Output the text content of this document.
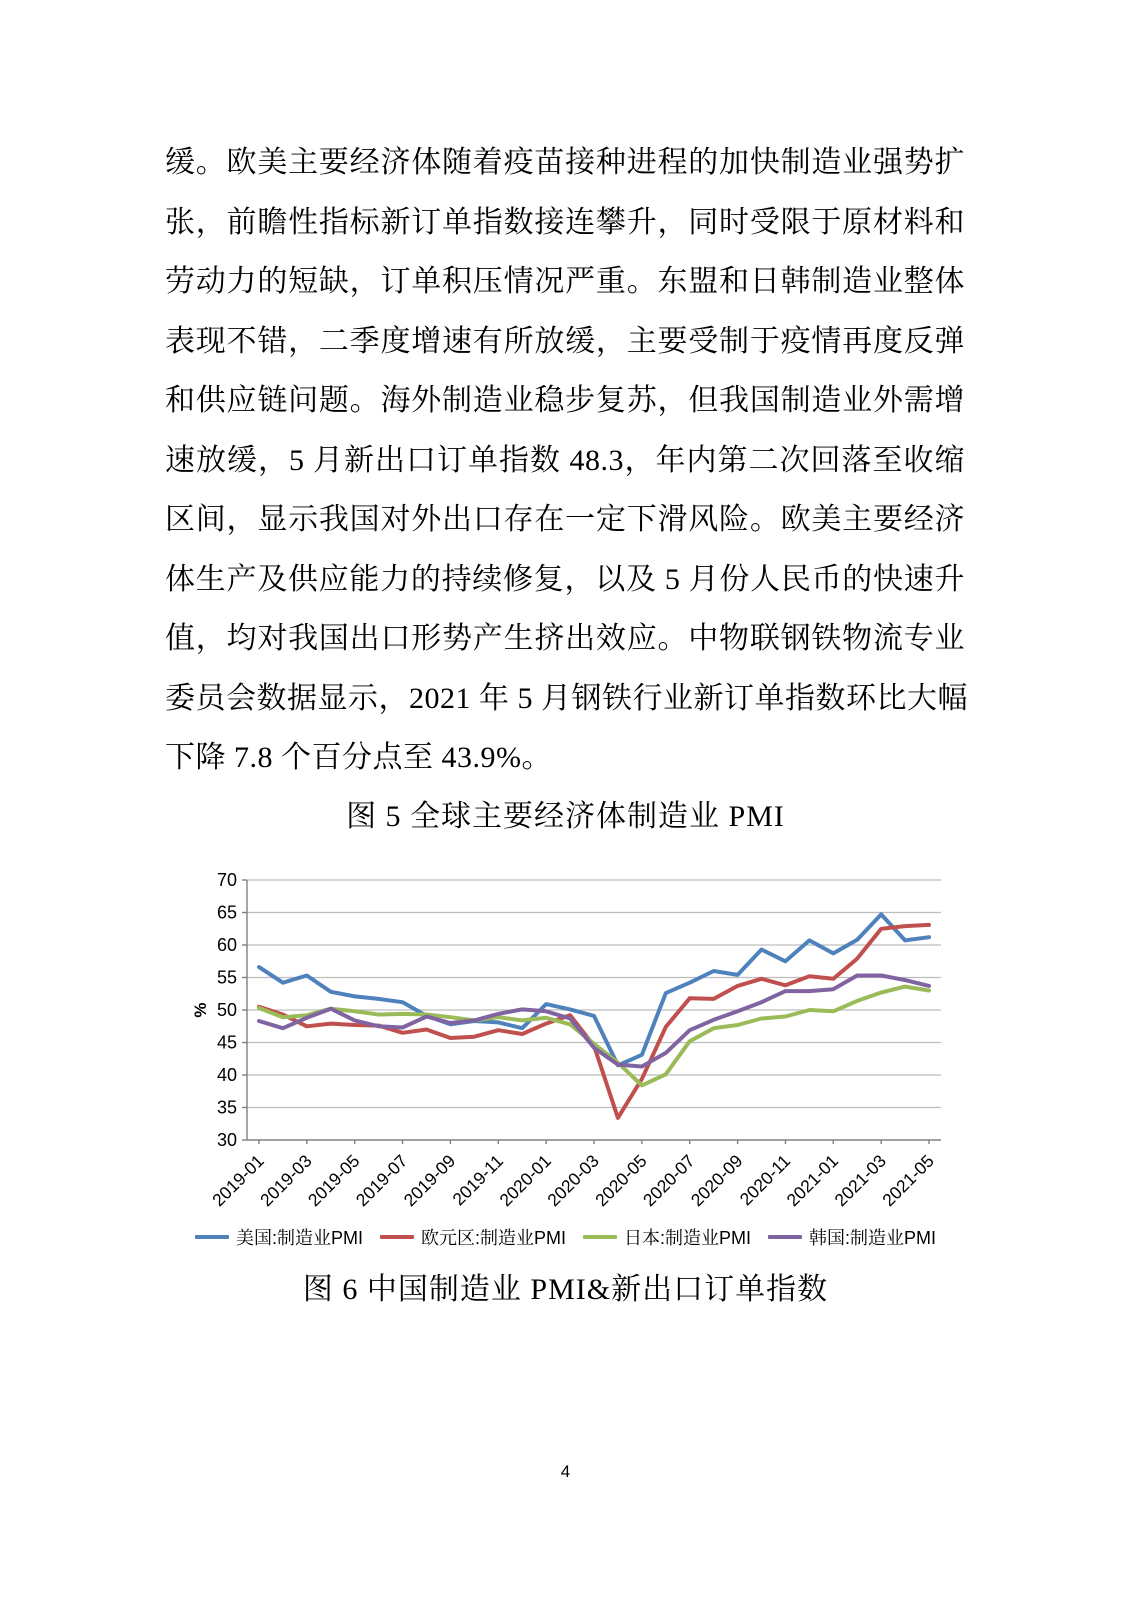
缓。欧美主要经济体随着疫苗接种进程的加快制造业强势扩
张，前瞻性指标新订单指数接连攀升，同时受限于原材料和
劳动力的短缺，订单积压情况严重。东盟和日韩制造业整体
表现不错，二季度增速有所放缓，主要受制于疫情再度反弹
和供应链问题。海外制造业稳步复苏，但我国制造业外需增
速放缓，5 月新出口订单指数 48.3，年内第二次回落至收缩
区间，显示我国对外出口存在一定下滑风险。欧美主要经济
体生产及供应能力的持续修复，以及 5 月份人民币的快速升
值，均对我国出口形势产生挤出效应。中物联钢铁物流专业
委员会数据显示，2021 年 5 月钢铁行业新订单指数环比大幅
下降 7.8 个百分点至 43.9%。
图 5 全球主要经济体制造业 PMI
30
35
40
45
50
55
60
65
70
%
2019-01
2019-03
2019-05
2019-07
2019-09
2019-11
2020-01
2020-03
2020-05
2020-07
2020-09
2020-11
2021-01
2021-03
2021-05
美国:制造业PMI	欧元区:制造业PMI	日本:制造业PMI	韩国:制造业PMI
图 6 中国制造业 PMI&新出口订单指数
4
